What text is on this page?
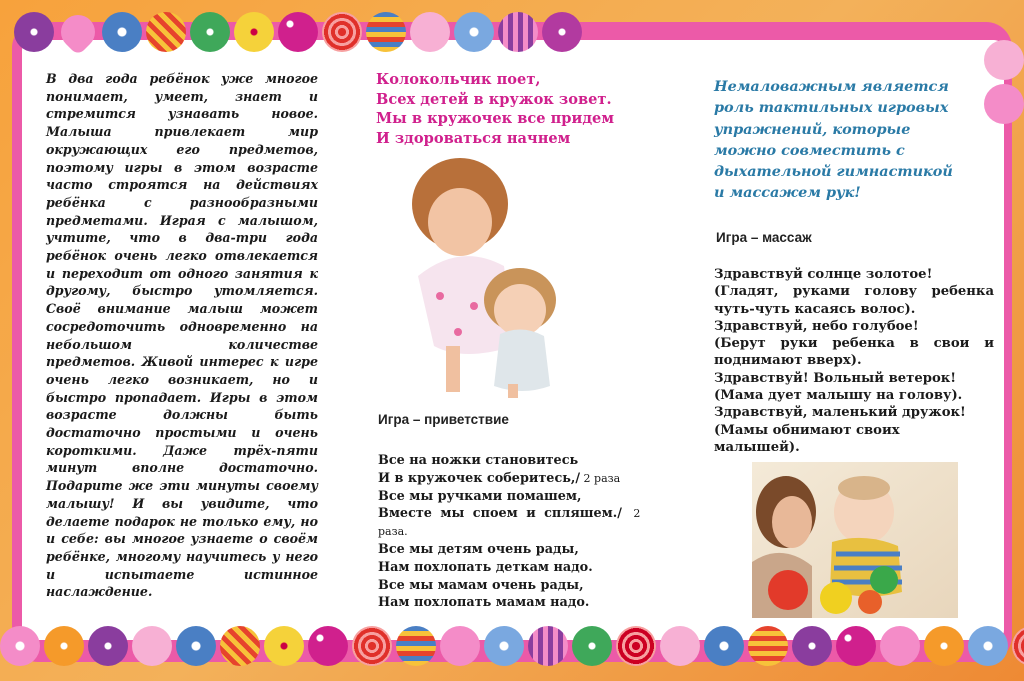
В два года ребёнок уже многое понимает, умеет, знает и стремится узнавать новое. Малыша привлекает мир окружающих его предметов, поэтому игры в этом возрасте часто строятся на действиях ребёнка с разнообразными предметами. Играя с малышом, учтите, что в два-три года ребёнок очень легко отвлекается и переходит от одного занятия к другому, быстро утомляется. Своё внимание малыш может сосредоточить одновременно на небольшом количестве предметов. Живой интерес к игре очень легко возникает, но и быстро пропадает. Игры в этом возрасте должны быть достаточно простыми и очень короткими. Даже трёх-пяти минут вполне достаточно. Подарите же эти минуты своему малышу! И вы увидите, что делаете подарок не только ему, но и себе: вы многое узнаете о своём ребёнке, многому научитесь у него и испытаете истинное наслаждение.
Колокольчик поет,
Всех детей в кружок зовет.
Мы в кружочек все придем
И здороваться начнем
Игра – приветствие
Все на ножки становитесь
И в кружочек соберитесь,/ 2 раза
Все мы ручками помашем,
Вместе мы споем и спляшем./ 2
раза.
Все мы детям очень рады,
Нам похлопать деткам надо.
Все мы мамам очень рады,
Нам похлопать мамам надо.
Немаловажным является
роль тактильных игровых
упражнений, которые
можно совместить с
дыхательной гимнастикой
и массажем рук!
Игра – массаж
Здравствуй солнце золотое!
(Гладят, руками голову ребенка
чуть-чуть касаясь волос).
Здравствуй, небо голубое!
(Берут руки ребенка в свои и
поднимают вверх).
Здравствуй! Вольный ветерок!
(Мама дует малышу на голову).
Здравствуй, маленький дружок!
(Мамы обнимают своих
малышей).
